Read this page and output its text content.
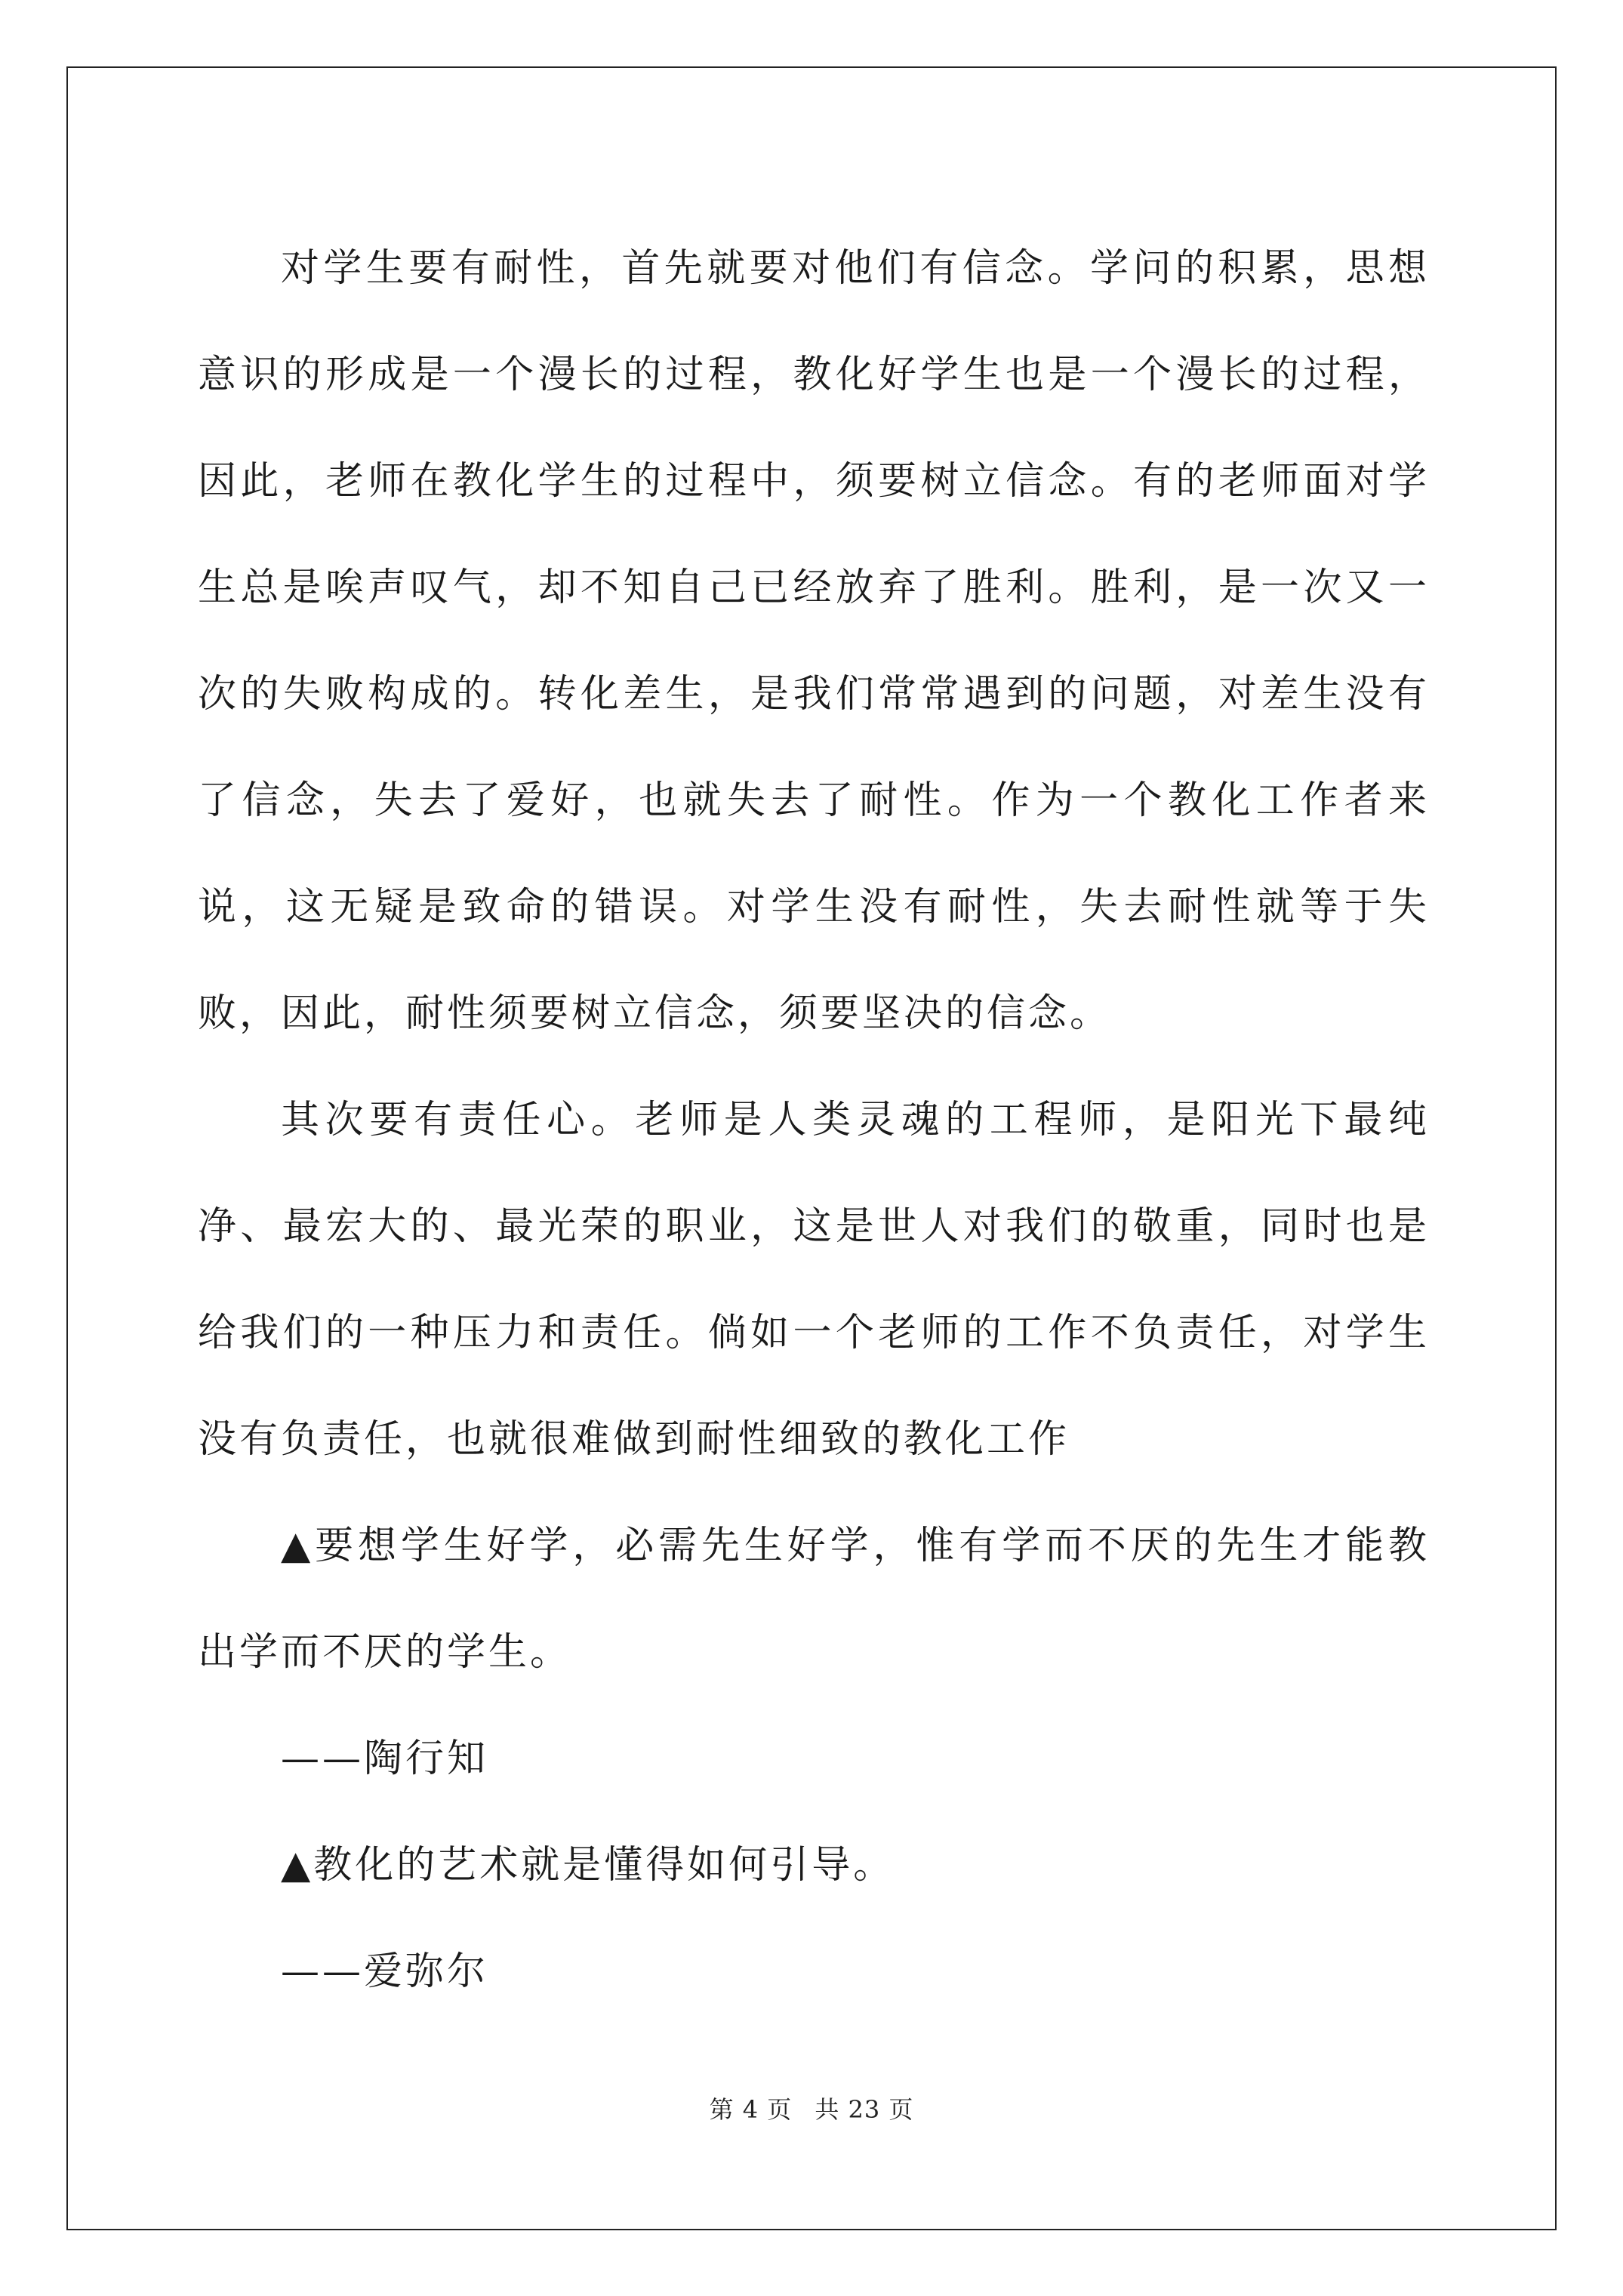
对学生要有耐性，首先就要对他们有信念。学问的积累，思想意识的形成是一个漫长的过程，教化好学生也是一个漫长的过程，因此，老师在教化学生的过程中，须要树立信念。有的老师面对学生总是唉声叹气，却不知自己已经放弃了胜利。胜利，是一次又一次的失败构成的。转化差生，是我们常常遇到的问题，对差生没有了信念，失去了爱好，也就失去了耐性。作为一个教化工作者来说，这无疑是致命的错误。对学生没有耐性，失去耐性就等于失败，因此，耐性须要树立信念，须要坚决的信念。

其次要有责任心。老师是人类灵魂的工程师，是阳光下最纯净、最宏大的、最光荣的职业，这是世人对我们的敬重，同时也是给我们的一种压力和责任。倘如一个老师的工作不负责任，对学生没有负责任，也就很难做到耐性细致的教化工作

▲要想学生好学，必需先生好学，惟有学而不厌的先生才能教出学而不厌的学生。

——陶行知

▲教化的艺术就是懂得如何引导。

——爱弥尔

第 4 页 共 23 页
